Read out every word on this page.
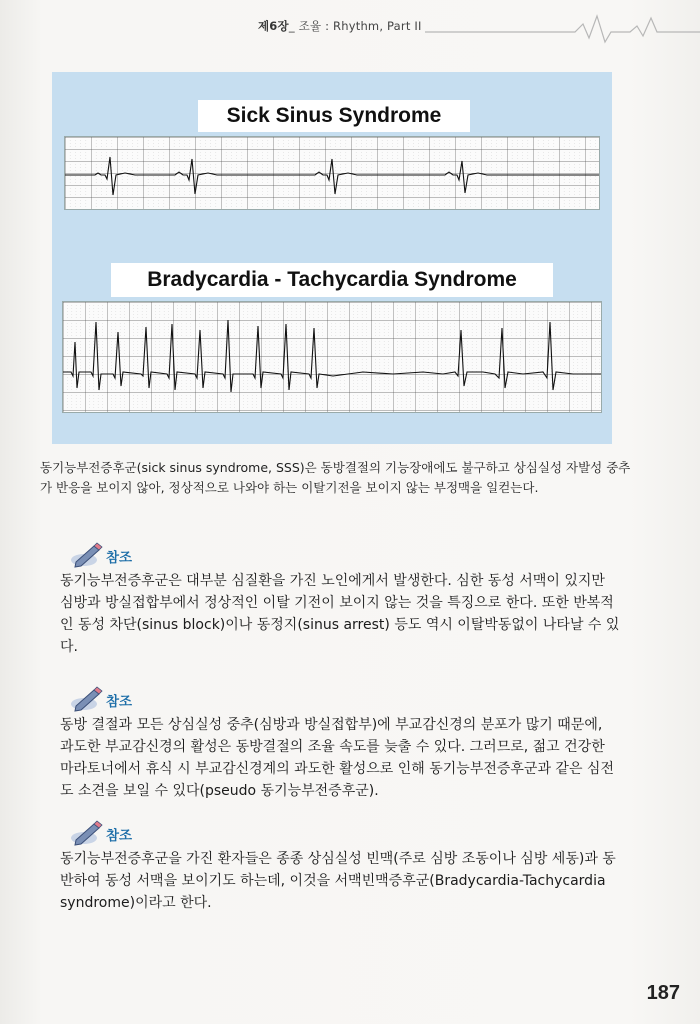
제6장_ 조율 : Rhythm, Part II
Sick Sinus Syndrome
Bradycardia - Tachycardia Syndrome
동기능부전증후군(sick sinus syndrome, SSS)은 동방결절의 기능장애에도 불구하고 상심실성 자발성 중추가 반응을 보이지 않아, 정상적으로 나와야 하는 이탈기전을 보이지 않는 부정맥을 일컫는다.
참조
동기능부전증후군은 대부분 심질환을 가진 노인에게서 발생한다. 심한 동성 서맥이 있지만 심방과 방실접합부에서 정상적인 이탈 기전이 보이지 않는 것을 특징으로 한다. 또한 반복적인 동성 차단(sinus block)이나 동정지(sinus arrest) 등도 역시 이탈박동없이 나타날 수 있다.
참조
동방 결절과 모든 상심실성 중추(심방과 방실접합부)에 부교감신경의 분포가 많기 때문에, 과도한 부교감신경의 활성은 동방결절의 조율 속도를 늦출 수 있다. 그러므로, 젊고 건강한 마라토너에서 휴식 시 부교감신경계의 과도한 활성으로 인해 동기능부전증후군과 같은 심전도 소견을 보일 수 있다(pseudo 동기능부전증후군).
참조
동기능부전증후군을 가진 환자들은 종종 상심실성 빈맥(주로 심방 조동이나 심방 세동)과 동반하여 동성 서맥을 보이기도 하는데, 이것을 서맥빈맥증후군(Bradycardia-Tachycardia syndrome)이라고 한다.
187
